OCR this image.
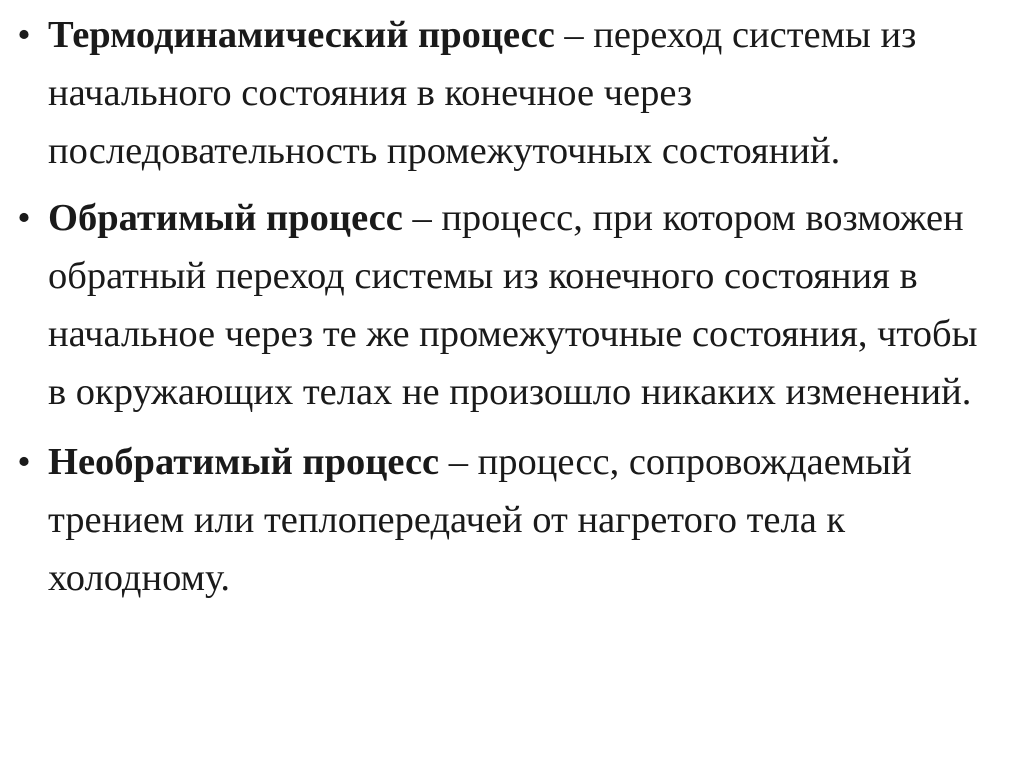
• Термодинамический процесс – переход системы из начального состояния в конечное через последовательность промежуточных состояний.
• Обратимый процесс – процесс, при котором возможен обратный переход системы из конечного состояния в начальное через те же промежуточные состояния, чтобы в окружающих телах не произошло никаких изменений.
• Необратимый процесс – процесс, сопровождаемый трением или теплопередачей от нагретого тела к холодному.
